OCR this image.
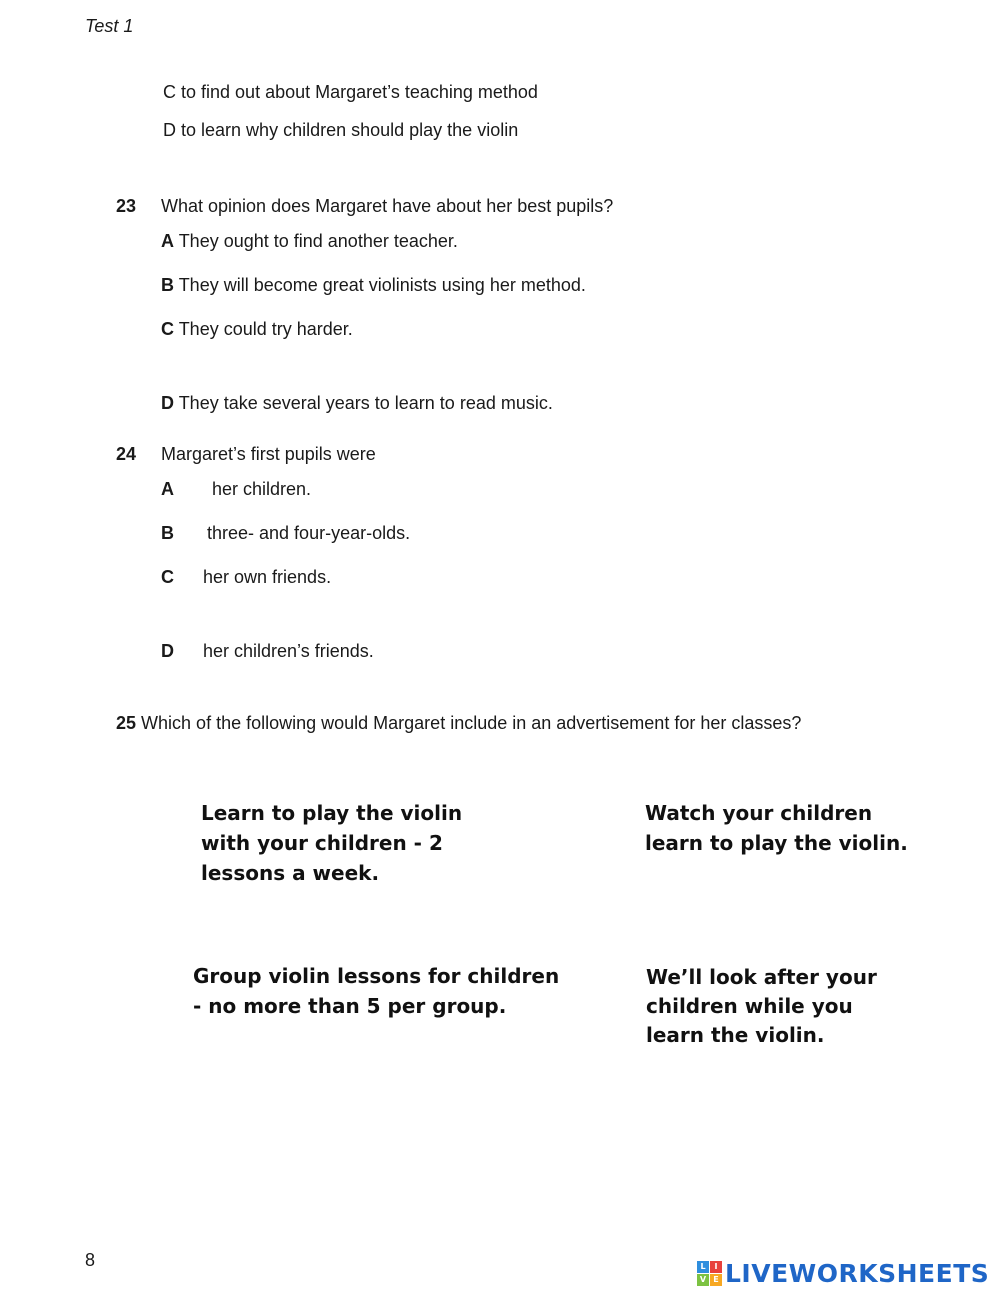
Test 1
C to find out about Margaret’s teaching method
D to learn why children should play the violin
23 What opinion does Margaret have about her best pupils?
A They ought to find another teacher.
B They will become great violinists using her method.
C They could try harder.
D They take several years to learn to read music.
24 Margaret’s first pupils were
A her children.
B three- and four-year-olds.
C her own friends.
D her children’s friends.
25 Which of the following would Margaret include in an advertisement for her classes?
Learn to play the violin
with your children - 2
lessons a week.
Watch your children
learn to play the violin.
Group violin lessons for children
- no more than 5 per group.
We’ll look after your
children while you
learn the violin.
8	L	I
V E LIVEWORKSHEETS
